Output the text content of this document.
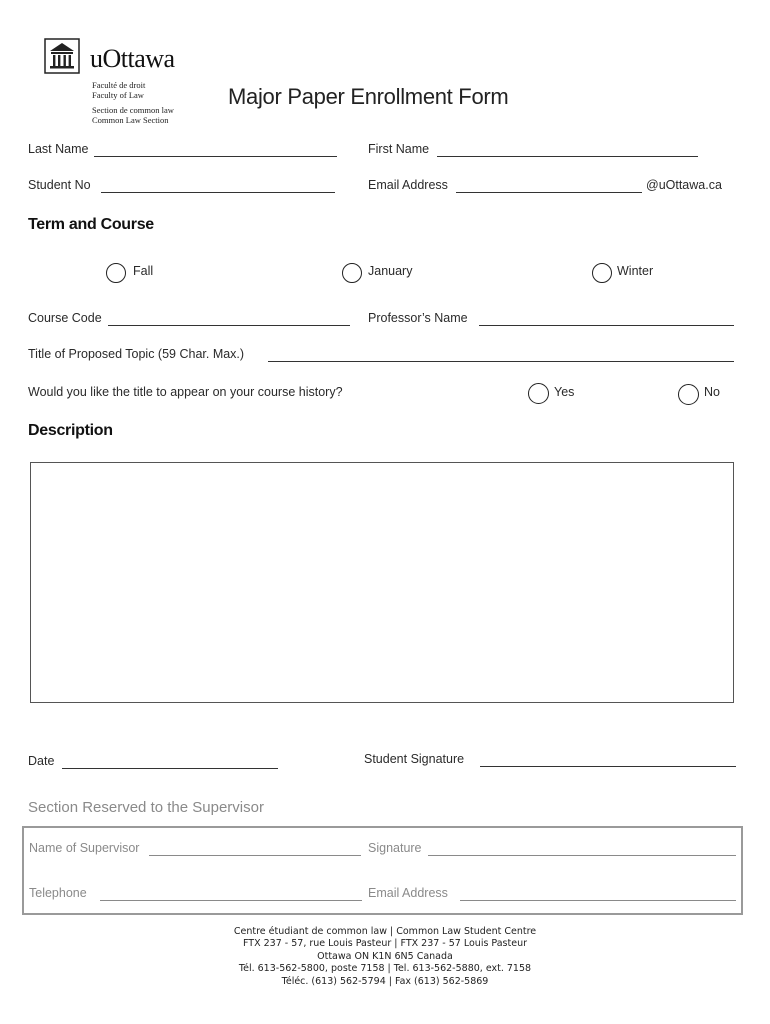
uOttawa
Faculté de droit
Faculty of Law
Section de common law
Common Law Section
Major Paper Enrollment Form
Last Name	First Name
Student No	Email Address	@uOttawa.ca
Term and Course
Fall	January	Winter
Course Code	Professor’s Name
Title of Proposed Topic (59 Char. Max.)
Would you like the title to appear on your course history?	Yes	No
Description
Date	Student Signature
Section Reserved to the Supervisor
Name of Supervisor	Signature
Telephone	Email Address
Centre étudiant de common law | Common Law Student Centre
FTX 237 - 57, rue Louis Pasteur | FTX 237 - 57 Louis Pasteur
Ottawa ON K1N 6N5 Canada
Tél. 613-562-5800, poste 7158 | Tel. 613-562-5880, ext. 7158
Téléc. (613) 562-5794 | Fax (613) 562-5869
